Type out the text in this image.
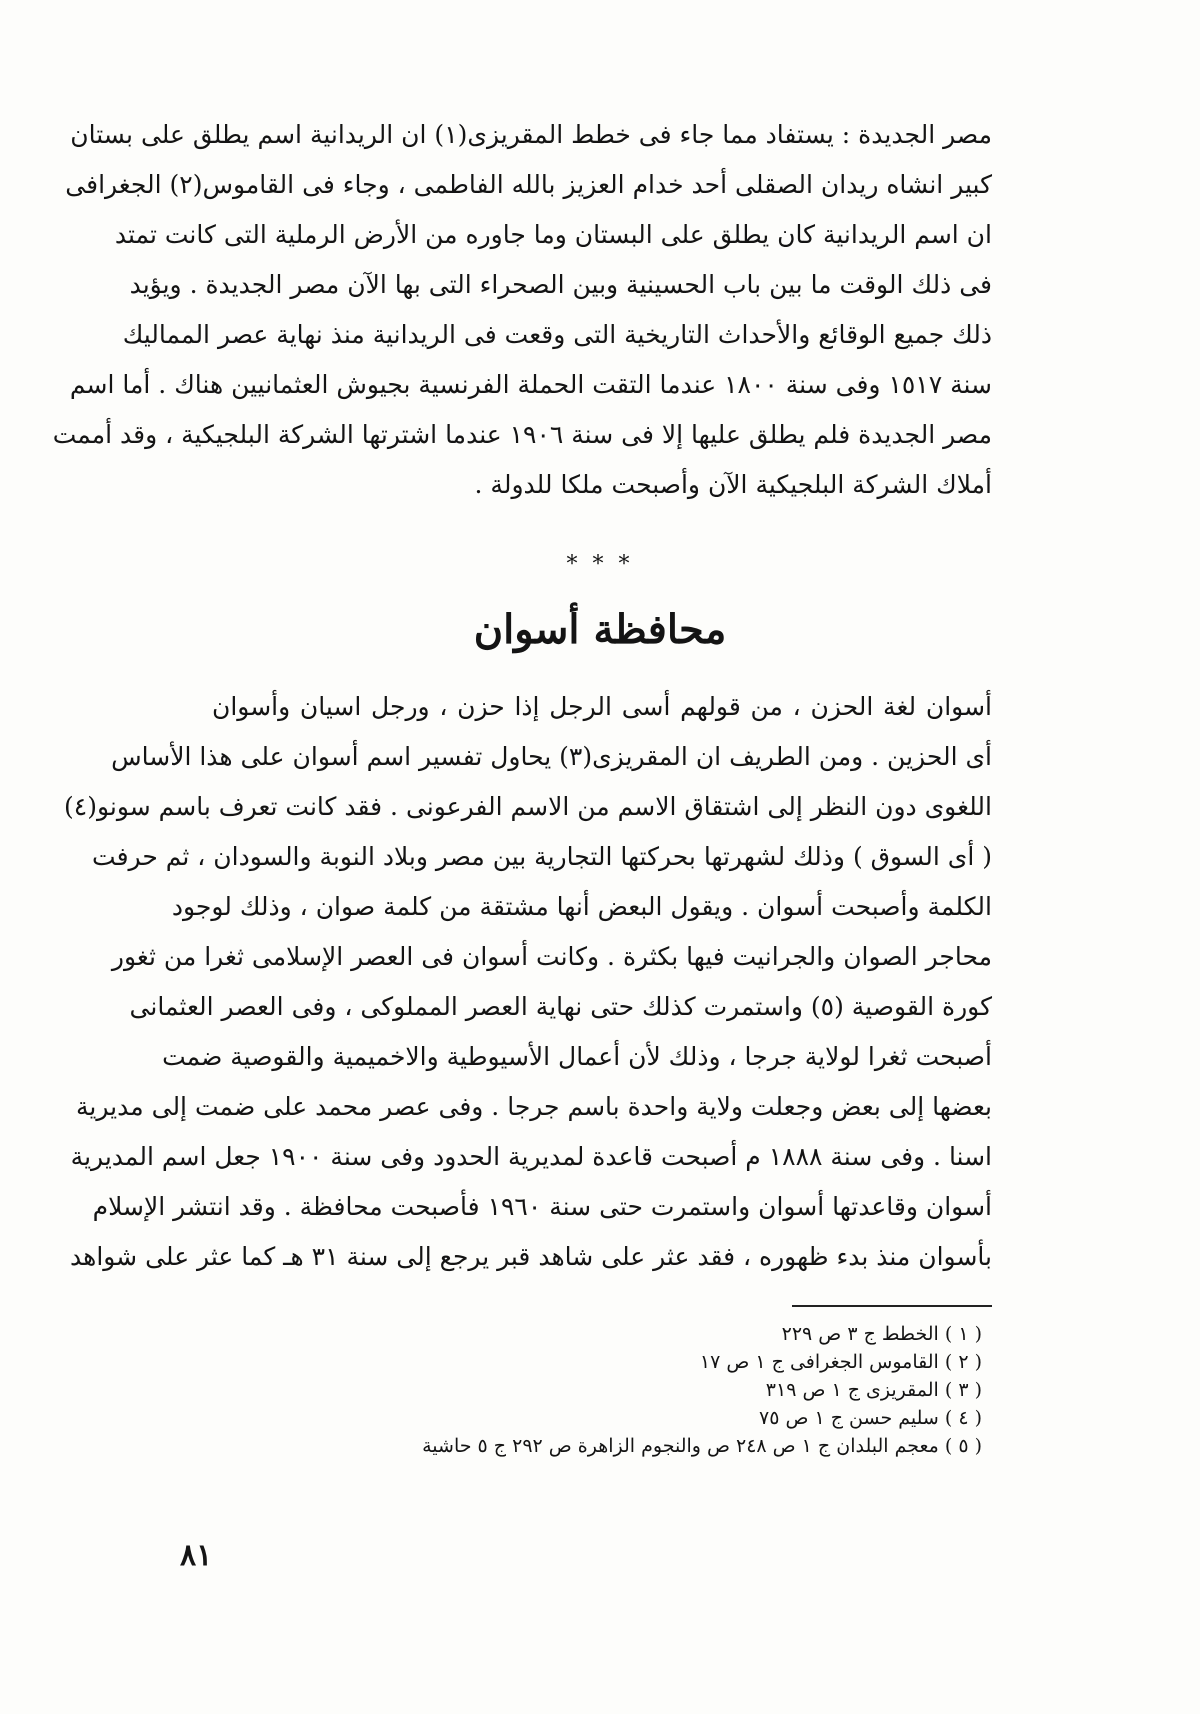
مصر الجديدة : يستفاد مما جاء فى خطط المقريزى(١) ان الريدانية اسم يطلق على بستان
كبير انشاه ريدان الصقلى أحد خدام العزيز بالله الفاطمى ، وجاء فى القاموس(٢) الجغرافى
ان اسم الريدانية كان يطلق على البستان وما جاوره من الأرض الرملية التى كانت تمتد
فى ذلك الوقت ما بين باب الحسينية وبين الصحراء التى بها الآن مصر الجديدة . ويؤيد
ذلك جميع الوقائع والأحداث التاريخية التى وقعت فى الريدانية منذ نهاية عصر المماليك
سنة ١٥١٧ وفى سنة ١٨٠٠ عندما التقت الحملة الفرنسية بجيوش العثمانيين هناك . أما اسم
مصر الجديدة فلم يطلق عليها إلا فى سنة ١٩٠٦ عندما اشترتها الشركة البلجيكية ، وقد أممت
أملاك الشركة البلجيكية الآن وأصبحت ملكا للدولة .
* * *
محافظة أسوان
أسوان لغة الحزن ، من قولهم أسى الرجل إذا حزن ، ورجل اسيان وأسوان
أى الحزين . ومن الطريف ان المقريزى(٣) يحاول تفسير اسم أسوان على هذا الأساس
اللغوى دون النظر إلى اشتقاق الاسم من الاسم الفرعونى . فقد كانت تعرف باسم سونو(٤)
( أى السوق ) وذلك لشهرتها بحركتها التجارية بين مصر وبلاد النوبة والسودان ، ثم حرفت
الكلمة وأصبحت أسوان . ويقول البعض أنها مشتقة من كلمة صوان ، وذلك لوجود
محاجر الصوان والجرانيت فيها بكثرة . وكانت أسوان فى العصر الإسلامى ثغرا من ثغور
كورة القوصية (٥) واستمرت كذلك حتى نهاية العصر المملوكى ، وفى العصر العثمانى
أصبحت ثغرا لولاية جرجا ، وذلك لأن أعمال الأسيوطية والاخميمية والقوصية ضمت
بعضها إلى بعض وجعلت ولاية واحدة باسم جرجا . وفى عصر محمد على ضمت إلى مديرية
اسنا . وفى سنة ١٨٨٨ م أصبحت قاعدة لمديرية الحدود وفى سنة ١٩٠٠ جعل اسم المديرية
أسوان وقاعدتها أسوان واستمرت حتى سنة ١٩٦٠ فأصبحت محافظة . وقد انتشر الإسلام
بأسوان منذ بدء ظهوره ، فقد عثر على شاهد قبر يرجع إلى سنة ٣١ هـ كما عثر على شواهد
( ١ ) الخطط ج ٣ ص ٢٢٩
( ٢ ) القاموس الجغرافى ج ١ ص ١٧
( ٣ ) المقريزى ج ١ ص ٣١٩
( ٤ ) سليم حسن ج ١ ص ٧٥
( ٥ ) معجم البلدان ج ١ ص ٢٤٨ ص والنجوم الزاهرة ص ٢٩٢ ج ٥ حاشية
٨١
